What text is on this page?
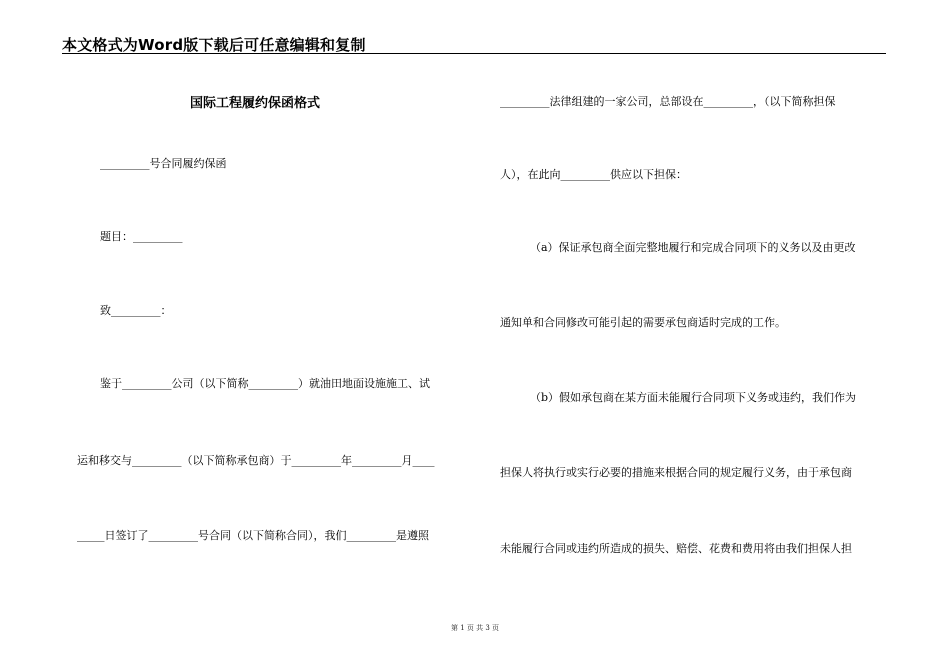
本文格式为Word版下载后可任意编辑和复制
国际工程履约保函格式
_________号合同履约保函
题目：_________
致_________：
鉴于_________公司（以下简称_________）就油田地面设施施工、试
运和移交与_________（以下简称承包商）于_________年_________月____
_____日签订了_________号合同（以下简称合同），我们_________是遵照
_________法律组建的一家公司，总部设在_________，（以下简称担保
人），在此向_________供应以下担保：
（a）保证承包商全面完整地履行和完成合同项下的义务以及由更改
通知单和合同修改可能引起的需要承包商适时完成的工作。
（b）假如承包商在某方面未能履行合同项下义务或违约，我们作为
担保人将执行或实行必要的措施来根据合同的规定履行义务，由于承包商
未能履行合同或违约所造成的损失、赔偿、花费和费用将由我们担保人担
第 1 页 共 3 页
